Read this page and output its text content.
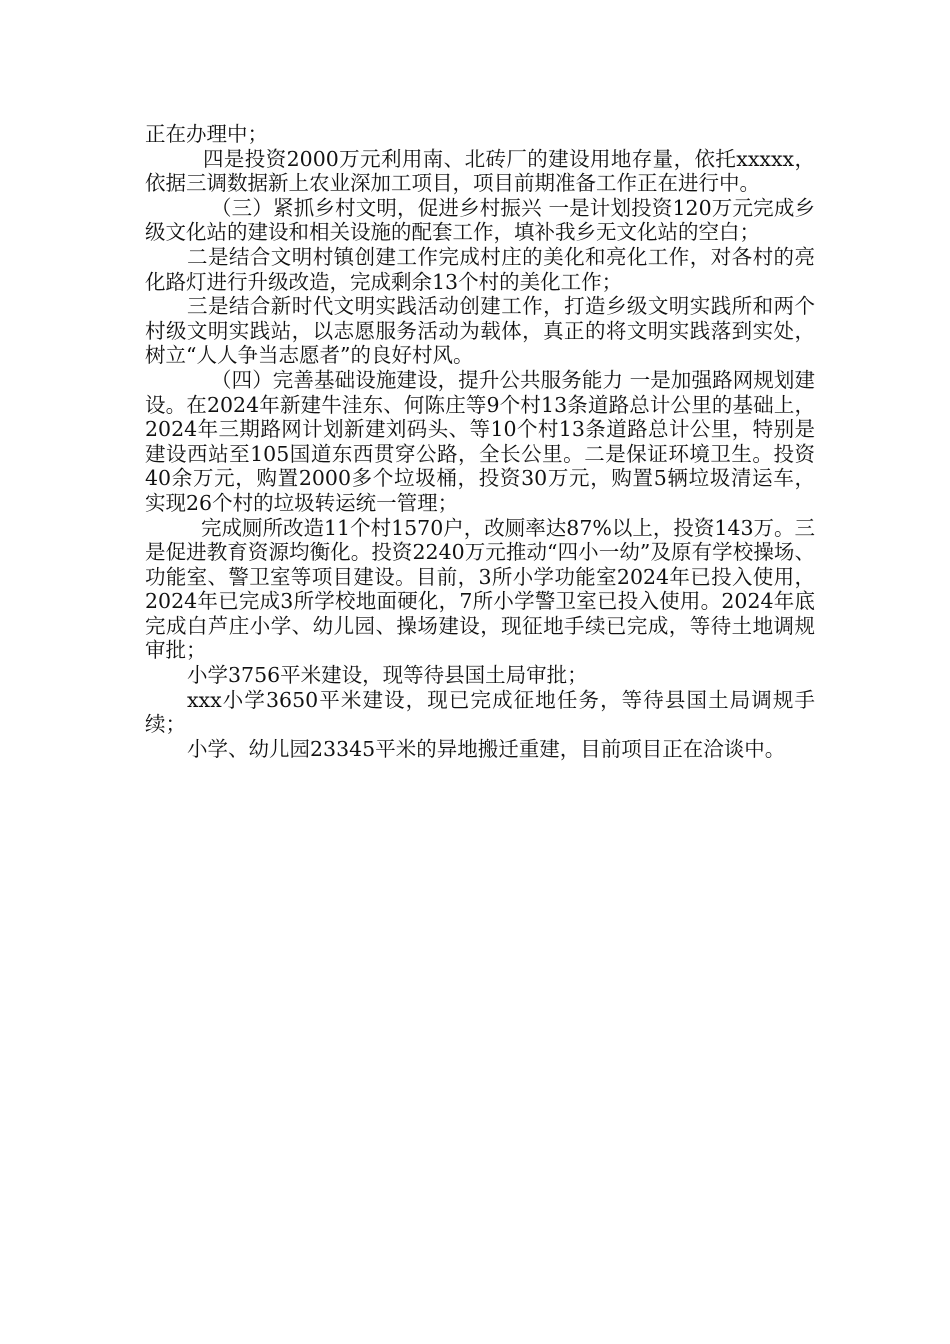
正在办理中；

四是投资2000万元利用南、北砖厂的建设用地存量，依托xxxxx，依据三调数据新上农业深加工项目，项目前期准备工作正在进行中。

（三）紧抓乡村文明，促进乡村振兴 一是计划投资120万元完成乡级文化站的建设和相关设施的配套工作，填补我乡无文化站的空白；

二是结合文明村镇创建工作完成村庄的美化和亮化工作，对各村的亮化路灯进行升级改造，完成剩余13个村的美化工作；

三是结合新时代文明实践活动创建工作，打造乡级文明实践所和两个村级文明实践站，以志愿服务活动为载体，真正的将文明实践落到实处，树立“人人争当志愿者”的良好村风。

（四）完善基础设施建设，提升公共服务能力 一是加强路网规划建设。在2024年新建牛洼东、何陈庄等9个村13条道路总计公里的基础上，2024年三期路网计划新建刘码头、等10个村13条道路总计公里，特别是建设西站至105国道东西贯穿公路，全长公里。二是保证环境卫生。投资40余万元，购置2000多个垃圾桶，投资30万元，购置5辆垃圾清运车，实现26个村的垃圾转运统一管理；

完成厕所改造11个村1570户，改厕率达87%以上，投资143万。三是促进教育资源均衡化。投资2240万元推动“四小一幼”及原有学校操场、功能室、警卫室等项目建设。目前，3所小学功能室2024年已投入使用，2024年已完成3所学校地面硬化，7所小学警卫室已投入使用。2024年底完成白芦庄小学、幼儿园、操场建设，现征地手续已完成，等待土地调规审批；

小学3756平米建设，现等待县国土局审批；

xxx小学3650平米建设，现已完成征地任务，等待县国土局调规手续；

小学、幼儿园23345平米的异地搬迁重建，目前项目正在洽谈中。
